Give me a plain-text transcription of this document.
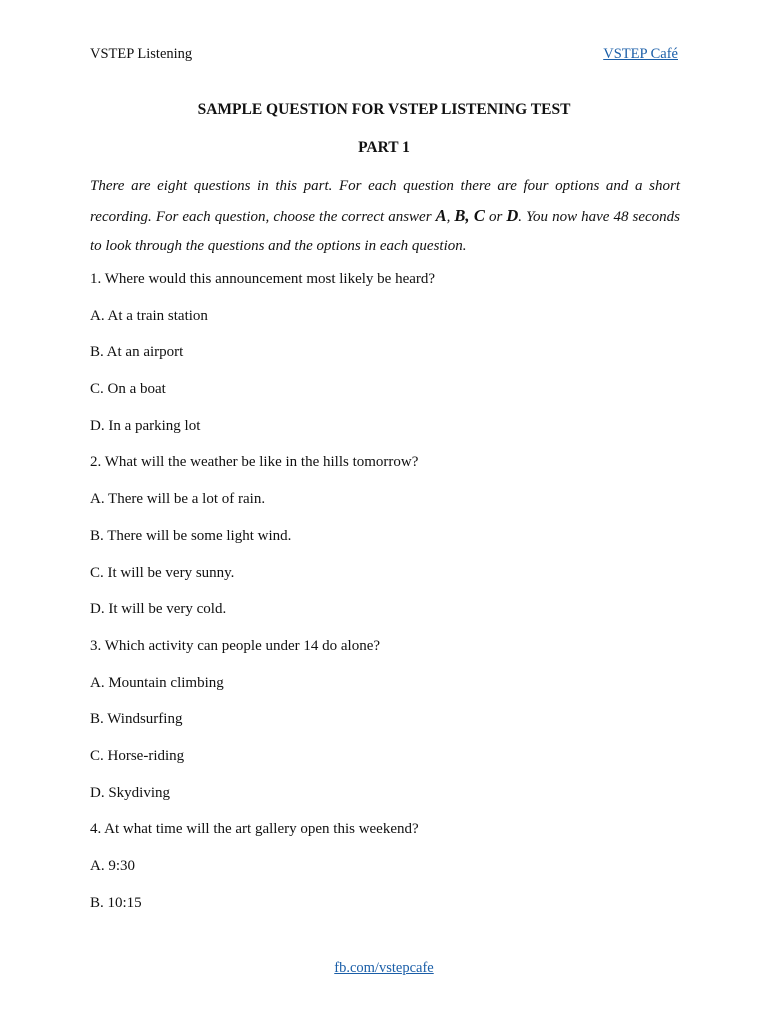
VSTEP Listening	VSTEP Café
SAMPLE QUESTION FOR VSTEP LISTENING TEST
PART 1
There are eight questions in this part. For each question there are four options and a short recording. For each question, choose the correct answer A, B, C or D. You now have 48 seconds to look through the questions and the options in each question.
1. Where would this announcement most likely be heard?
A. At a train station
B. At an airport
C. On a boat
D. In a parking lot
2. What will the weather be like in the hills tomorrow?
A. There will be a lot of rain.
B. There will be some light wind.
C. It will be very sunny.
D. It will be very cold.
3. Which activity can people under 14 do alone?
A. Mountain climbing
B. Windsurfing
C. Horse-riding
D. Skydiving
4. At what time will the art gallery open this weekend?
A. 9:30
B. 10:15
fb.com/vstepcafe
